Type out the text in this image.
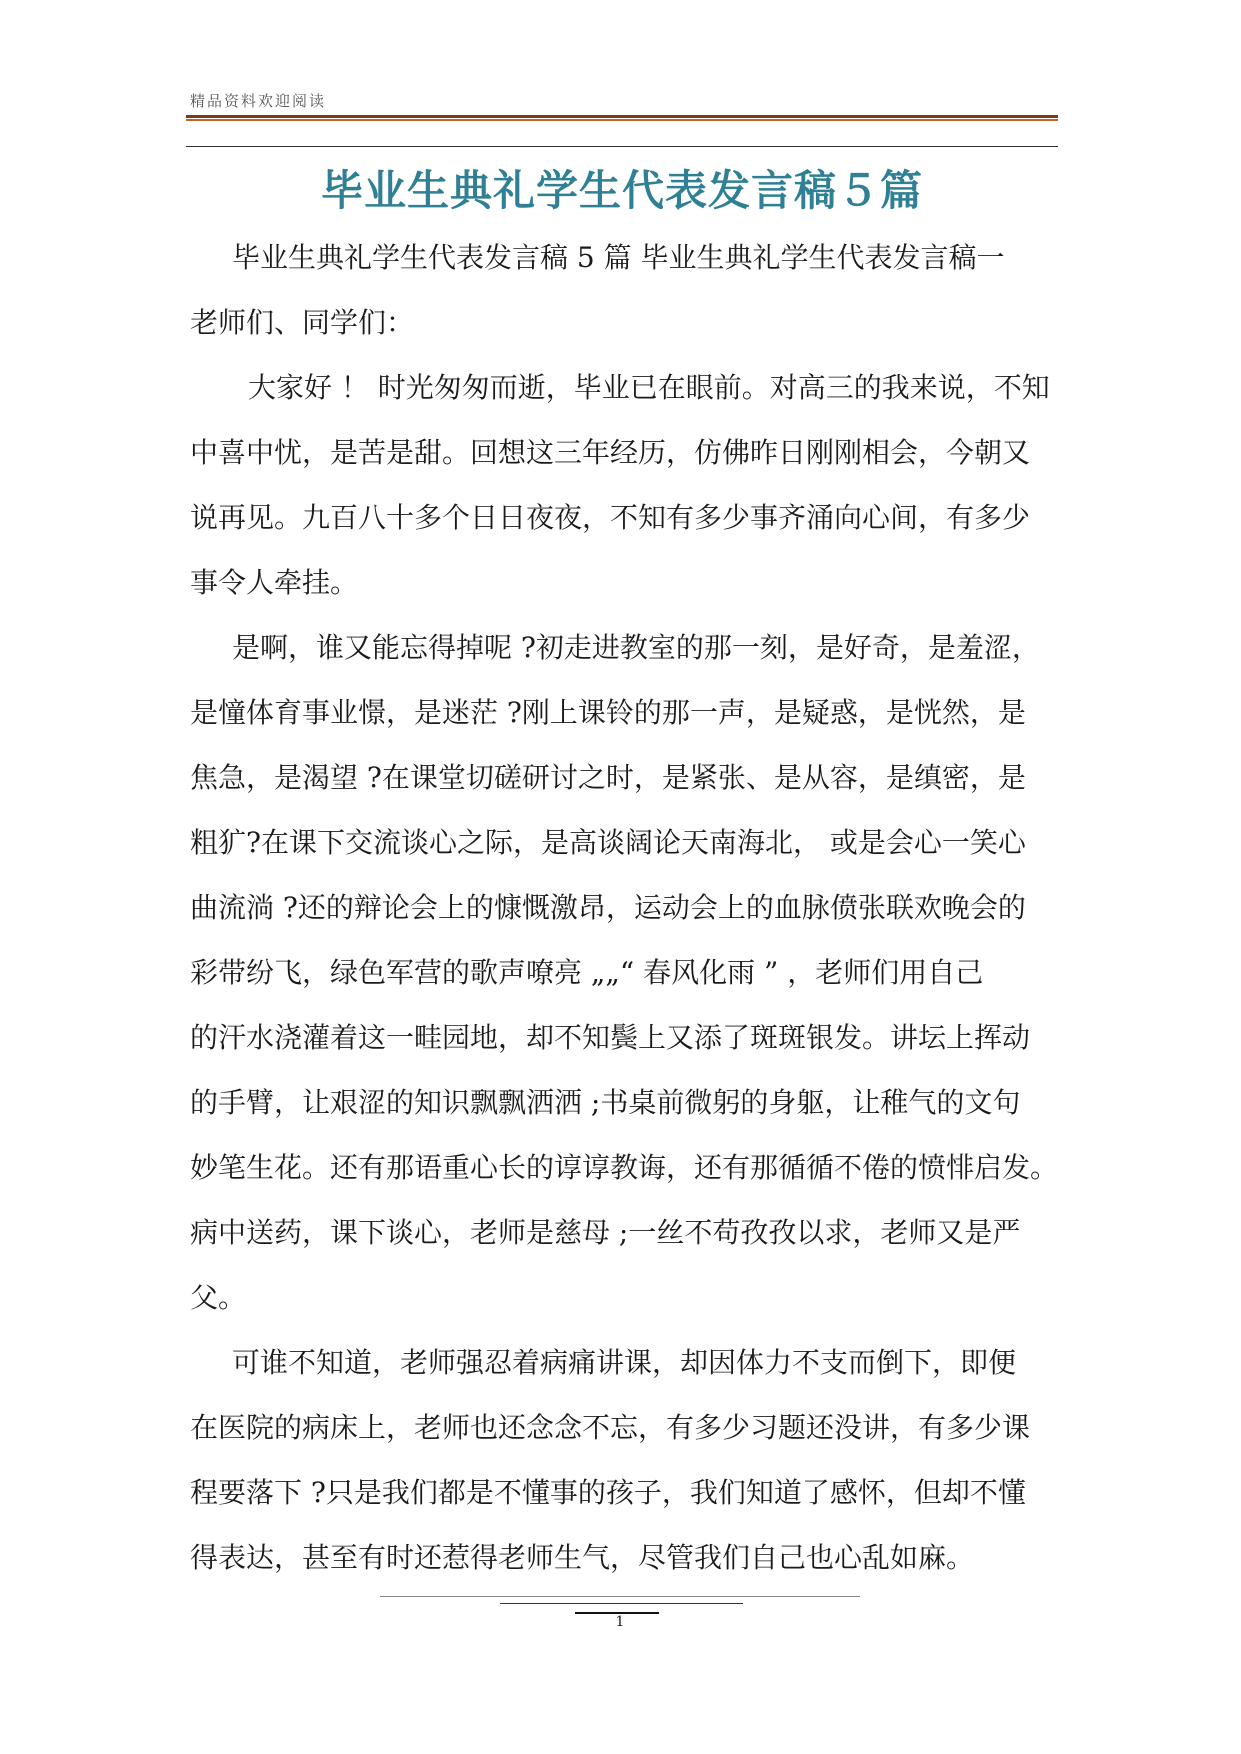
精品资料欢迎阅读
毕业生典礼学生代表发言稿５篇
毕业生典礼学生代表发言稿 5 篇 毕业生典礼学生代表发言稿一
老师们、同学们：
大家好 ！ 时光匆匆而逝，毕业已在眼前。对高三的我来说，不知
中喜中忧，是苦是甜。回想这三年经历，仿佛昨日刚刚相会，今朝又
说再见。九百八十多个日日夜夜，不知有多少事齐涌向心间，有多少
事令人牵挂。
是啊，谁又能忘得掉呢 ?初走进教室的那一刻，是好奇，是羞涩，
是憧体育事业憬，是迷茫 ?刚上课铃的那一声，是疑惑，是恍然，是
焦急，是渴望 ?在课堂切磋研讨之时，是紧张、是从容，是缜密，是
粗犷?在课下交流谈心之际，是高谈阔论天南海北， 或是会心一笑心
曲流淌 ?还的辩论会上的慷慨激昂，运动会上的血脉偾张联欢晚会的
彩带纷飞，绿色军营的歌声嘹亮 „„“ 春风化雨 ” ，老师们用自己
的汗水浇灌着这一畦园地，却不知鬓上又添了斑斑银发。讲坛上挥动
的手臂，让艰涩的知识飘飘洒洒 ;书桌前微躬的身躯，让稚气的文句
妙笔生花。还有那语重心长的谆谆教诲，还有那循循不倦的愤悱启发。
病中送药，课下谈心，老师是慈母 ;一丝不苟孜孜以求，老师又是严
父。
可谁不知道，老师强忍着病痛讲课，却因体力不支而倒下，即便
在医院的病床上，老师也还念念不忘，有多少习题还没讲，有多少课
程要落下 ?只是我们都是不懂事的孩子，我们知道了感怀，但却不懂
得表达，甚至有时还惹得老师生气，尽管我们自己也心乱如麻。
1
